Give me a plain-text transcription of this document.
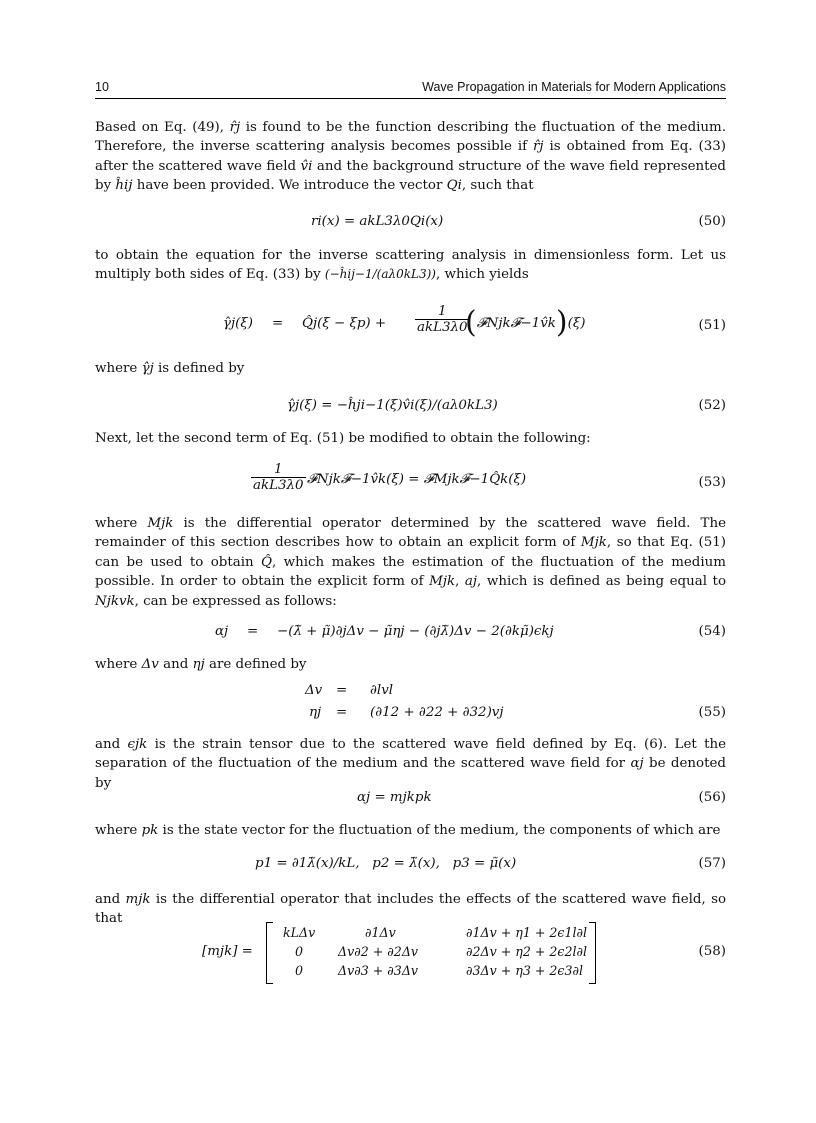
10	Wave Propagation in Materials for Modern Applications

Based on Eq. (49), r̂j is found to be the function describing the fluctuation of the medium. Therefore, the inverse scattering analysis becomes possible if r̂j is obtained from Eq. (33) after the scattered wave field v̂i and the background structure of the wave field represented by ĥij have been provided. We introduce the vector Qi, such that

ri(x) = akL3λ0Qi(x)	(50)

to obtain the equation for the inverse scattering analysis in dimensionless form. Let us multiply both sides of Eq. (33) by (−ĥij−1/(aλ0kL3)), which yields

γ̂j(ξ) = Q̂j(ξ − $\xi p) + \frac{1}{\text{akL3λ0}}$
(𝓕Njk𝓕−1v̂k)(ξ)	(51)

where γ̂j is defined by

γ̂j(ξ) = −ĥji−1(ξ)v̂i(ξ)/(aλ0kL3)	(52)

Next, let the second term of Eq. (51) be modified to obtain the following:

$\frac{1}{\text{akL3λ0}}$ 𝓕Njk𝓕−1v̂k(ξ) = 𝓕Mjk𝓕−1Q̂k(ξ)	(53)

where Mjk is the differential operator determined by the scattered wave field. The remainder of this section describes how to obtain an explicit form of Mjk, so that Eq. (51) can be used to obtain Q̂, which makes the estimation of the fluctuation of the medium possible. In order to obtain the explicit form of Mjk, aj, which is defined as being equal to Njkvk, can be expressed as follows:

αj = −(λ̃ + μ̃)∂jΔv − μ̃ηj − (∂jλ̃)Δv − 2(∂kμ̃)ϵkj	(54)

where Δv and ηj are defined by

Δv = ∂lvl
ηj = (∂12 + ∂22 + ∂32)vj	(55)

and ϵjk is the strain tensor due to the scattered wave field defined by Eq. (6). Let the separation of the fluctuation of the medium and the scattered wave field for αj be denoted by

αj = mjkpk	(56)

where pk is the state vector for the fluctuation of the medium, the components of which are

p1 = ∂1λ̃(x)/kL,   p2 = λ̃(x),   p3 = μ̃(x)	(57)

and mjk is the differential operator that includes the effects of the scattered wave field, so that

[mjk] =	(58)
kLΔv	∂1Δv	∂1Δv + η1 + 2ϵ1l∂l
0	Δv∂2 + ∂2Δv	∂2Δv + η2 + 2ϵ2l∂l
0	Δv∂3 + ∂3Δv	∂3Δv + η3 + 2ϵ3∂l
